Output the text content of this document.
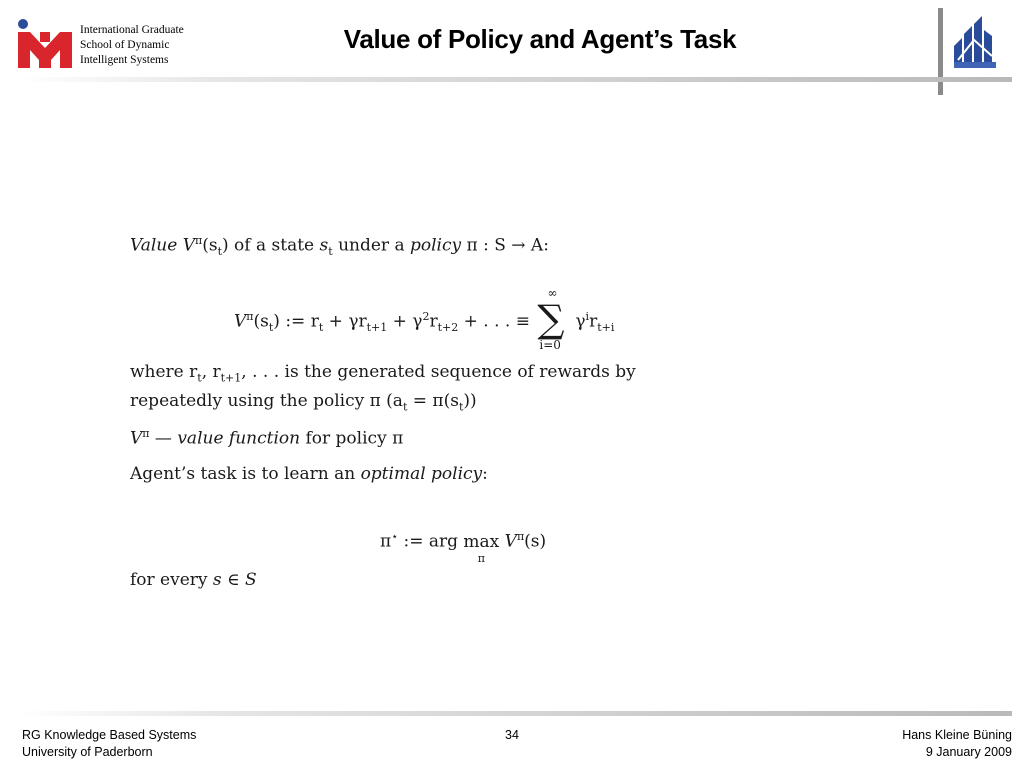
International Graduate
School of Dynamic
Intelligent Systems
Value of Policy and Agent’s Task
Value $V^\pi(s_t)$ of a state $s_t$ under a policy π : S → A:
$V^\pi(s_t)$ := $r_t + \gamma r_{t+1} + \gamma^2r_{t+2}$ + . . . ≡
∞
∑
i=0
$\gamma^ir_{t+i}$
where $r_t$, $r_{t+1}$, . . . is the generated sequence of rewards by
repeatedly using the policy π $(a_t = \pi(s_t))$
$V^\pi$ — value function for policy π
Agent’s task is to learn an optimal policy:
π⋆ := arg max
π
$V^\pi(s)$
for every s ∈ S
RG Knowledge Based Systems
University of Paderborn
34	Hans Kleine Büning
9 January 2009
